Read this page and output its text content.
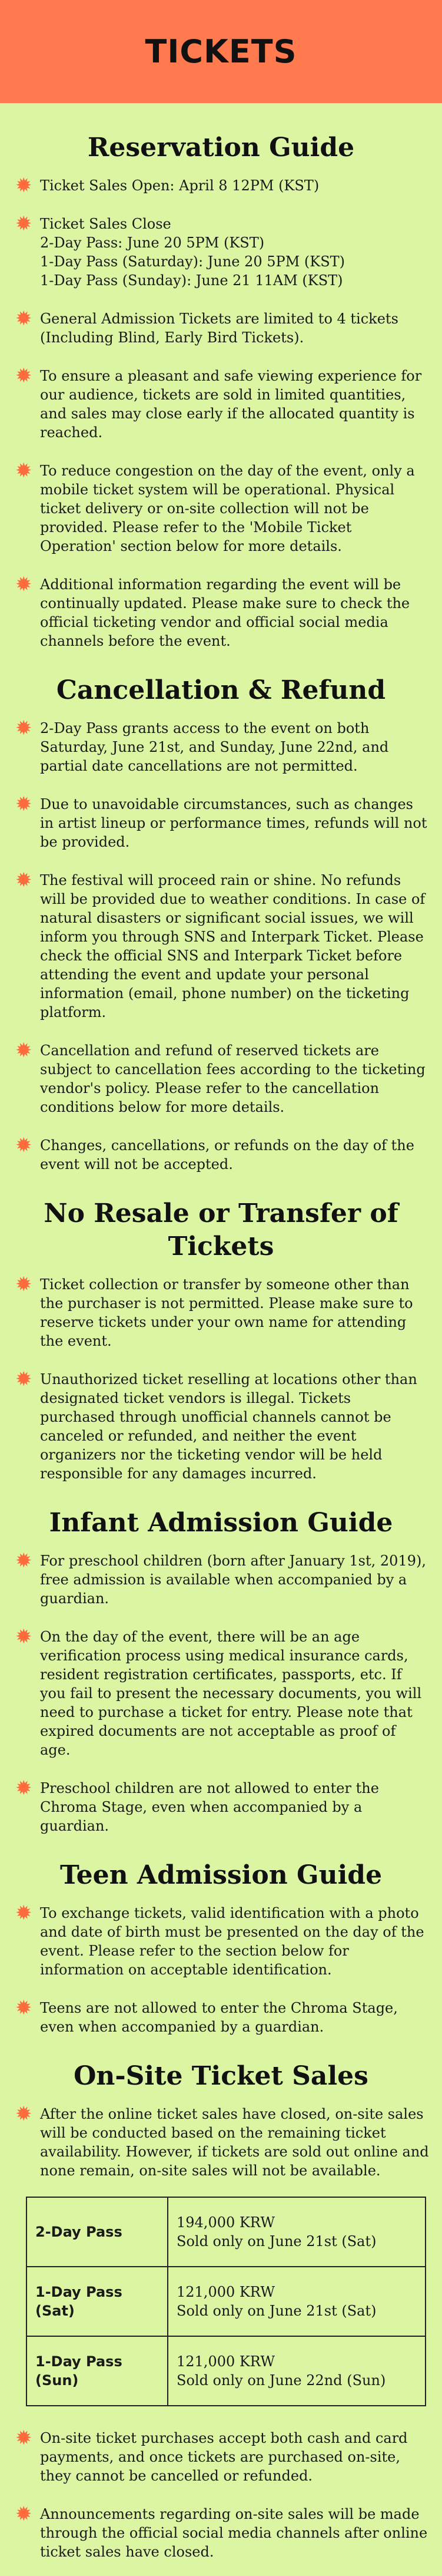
TICKETS
Reservation Guide
✹ Ticket Sales Open: April 8 12PM (KST)
✹ Ticket Sales Close
2-Day Pass: June 20 5PM (KST)
1-Day Pass (Saturday): June 20 5PM (KST)
1-Day Pass (Sunday): June 21 11AM (KST)
✹ General Admission Tickets are limited to 4 tickets (Including Blind, Early Bird Tickets).
✹ To ensure a pleasant and safe viewing experience for our audience, tickets are sold in limited quantities, and sales may close early if the allocated quantity is reached.
✹ To reduce congestion on the day of the event, only a mobile ticket system will be operational. Physical ticket delivery or on-site collection will not be provided. Please refer to the 'Mobile Ticket Operation' section below for more details.
✹ Additional information regarding the event will be continually updated. Please make sure to check the official ticketing vendor and official social media channels before the event.
Cancellation & Refund
✹ 2-Day Pass grants access to the event on both Saturday, June 21st, and Sunday, June 22nd, and partial date cancellations are not permitted.
✹ Due to unavoidable circumstances, such as changes in artist lineup or performance times, refunds will not be provided.
✹ The festival will proceed rain or shine. No refunds will be provided due to weather conditions. In case of natural disasters or significant social issues, we will inform you through SNS and Interpark Ticket. Please check the official SNS and Interpark Ticket before attending the event and update your personal information (email, phone number) on the ticketing platform.
✹ Cancellation and refund of reserved tickets are subject to cancellation fees according to the ticketing vendor's policy. Please refer to the cancellation conditions below for more details.
✹ Changes, cancellations, or refunds on the day of the event will not be accepted.
No Resale or Transfer of Tickets
✹ Ticket collection or transfer by someone other than the purchaser is not permitted. Please make sure to reserve tickets under your own name for attending the event.
✹ Unauthorized ticket reselling at locations other than designated ticket vendors is illegal. Tickets purchased through unofficial channels cannot be canceled or refunded, and neither the event organizers nor the ticketing vendor will be held responsible for any damages incurred.
Infant Admission Guide
✹ For preschool children (born after January 1st, 2019), free admission is available when accompanied by a guardian.
✹ On the day of the event, there will be an age verification process using medical insurance cards, resident registration certificates, passports, etc. If you fail to present the necessary documents, you will need to purchase a ticket for entry. Please note that expired documents are not acceptable as proof of age.
✹ Preschool children are not allowed to enter the Chroma Stage, even when accompanied by a guardian.
Teen Admission Guide
✹ To exchange tickets, valid identification with a photo and date of birth must be presented on the day of the event. Please refer to the section below for information on acceptable identification.
✹ Teens are not allowed to enter the Chroma Stage, even when accompanied by a guardian.
On-Site Ticket Sales
✹ After the online ticket sales have closed, on-site sales will be conducted based on the remaining ticket availability. However, if tickets are sold out online and none remain, on-site sales will not be available.
2-Day Pass	194,000 KRW
Sold only on June 21st (Sat)

1-Day Pass (Sat)	121,000 KRW
Sold only on June 21st (Sat)

1-Day Pass (Sun)	121,000 KRW
Sold only on June 22nd (Sun)
✹ On-site ticket purchases accept both cash and card payments, and once tickets are purchased on-site, they cannot be cancelled or refunded.
✹ Announcements regarding on-site sales will be made through the official social media channels after online ticket sales have closed.
